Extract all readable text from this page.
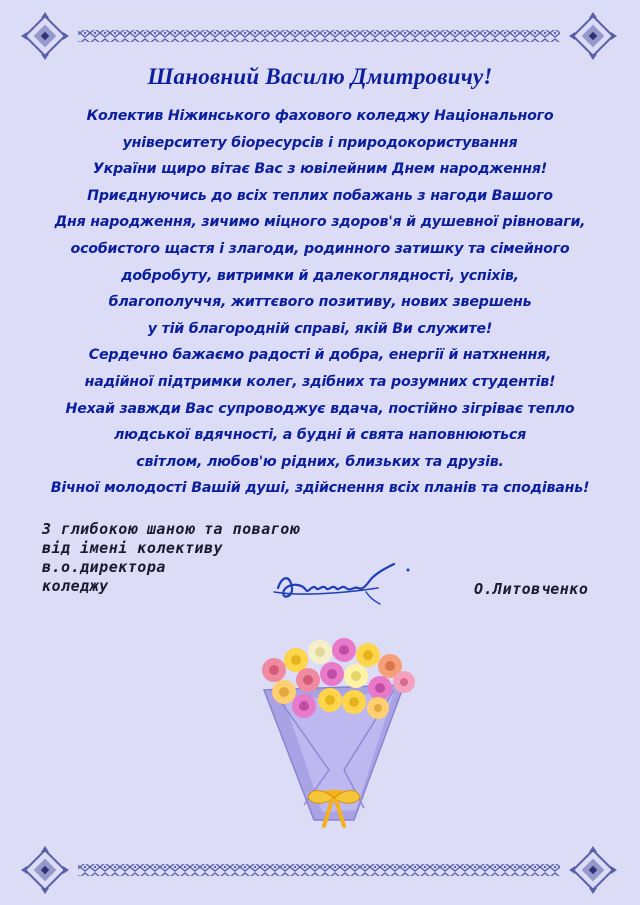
Шановний Василю Дмитровичу!
Колектив Ніжинського фахового коледжу Національного
університету біоресурсів і природокористування
України щиро вітає Вас з ювілейним Днем народження!
Приєднуючись до всіх теплих побажань з нагоди Вашого
Дня народження, зичимо міцного здоров'я й душевної рівноваги,
особистого щастя і злагоди, родинного затишку та сімейного
добробуту, витримки й далекоглядності, успіхів,
благополуччя, життєвого позитиву, нових звершень
у тій благородній справі, якій Ви служите!
Сердечно бажаємо радості й добра, енергії й натхнення,
надійної підтримки колег, здібних та розумних студентів!
Нехай завжди Вас супроводжує вдача, постійно зігріває тепло
людської вдячності, а будні й свята наповнюються
світлом, любов'ю рідних, близьких та друзів.
Вічної молодості Вашій душі, здійснення всіх планів та сподівань!
З глибокою шаною та повагою
від імені колективу
в.о.директора
коледжу	О.Литовченко
